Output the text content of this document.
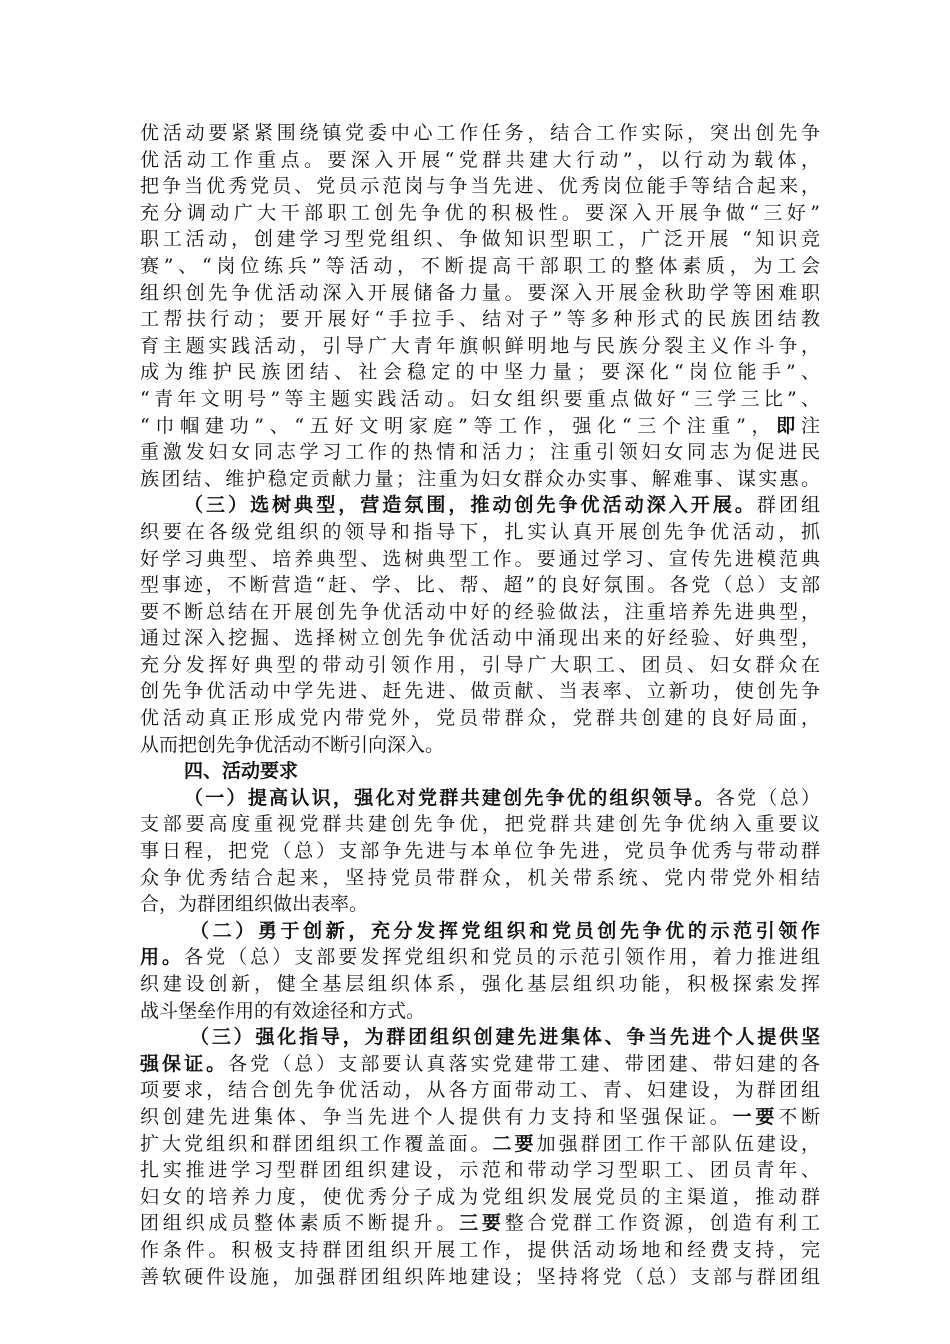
优活动要紧紧围绕镇党委中心工作任务，结合工作实际，突出创先争
优活动工作重点。要深入开展“党群共建大行动”，以行动为载体，
把争当优秀党员、党员示范岗与争当先进、优秀岗位能手等结合起来，
充分调动广大干部职工创先争优的积极性。要深入开展争做“三好”
职工活动，创建学习型党组织、争做知识型职工，广泛开展 “知识竞
赛”、“岗位练兵”等活动，不断提高干部职工的整体素质，为工会
组织创先争优活动深入开展储备力量。要深入开展金秋助学等困难职
工帮扶行动；要开展好“手拉手、结对子”等多种形式的民族团结教
育主题实践活动，引导广大青年旗帜鲜明地与民族分裂主义作斗争，
成为维护民族团结、社会稳定的中坚力量；要深化“岗位能手”、
“青年文明号”等主题实践活动。妇女组织要重点做好“三学三比”、
“巾帼建功”、“五好文明家庭”等工作，强化“三个注重”，即注
重激发妇女同志学习工作的热情和活力；注重引领妇女同志为促进民
族团结、维护稳定贡献力量；注重为妇女群众办实事、解难事、谋实惠。
（三）选树典型，营造氛围，推动创先争优活动深入开展。群团组
织要在各级党组织的领导和指导下，扎实认真开展创先争优活动，抓
好学习典型、培养典型、选树典型工作。要通过学习、宣传先进模范典
型事迹，不断营造“赶、学、比、帮、超”的良好氛围。各党（总）支部
要不断总结在开展创先争优活动中好的经验做法，注重培养先进典型，
通过深入挖掘、选择树立创先争优活动中涌现出来的好经验、好典型，
充分发挥好典型的带动引领作用，引导广大职工、团员、妇女群众在
创先争优活动中学先进、赶先进、做贡献、当表率、立新功，使创先争
优活动真正形成党内带党外，党员带群众，党群共创建的良好局面，
从而把创先争优活动不断引向深入。
四、活动要求
（一）提高认识，强化对党群共建创先争优的组织领导。各党（总）
支部要高度重视党群共建创先争优，把党群共建创先争优纳入重要议
事日程，把党（总）支部争先进与本单位争先进，党员争优秀与带动群
众争优秀结合起来，坚持党员带群众，机关带系统、党内带党外相结
合，为群团组织做出表率。
（二）勇于创新，充分发挥党组织和党员创先争优的示范引领作
用。各党（总）支部要发挥党组织和党员的示范引领作用，着力推进组
织建设创新，健全基层组织体系，强化基层组织功能，积极探索发挥
战斗堡垒作用的有效途径和方式。
（三）强化指导，为群团组织创建先进集体、争当先进个人提供坚
强保证。各党（总）支部要认真落实党建带工建、带团建、带妇建的各
项要求，结合创先争优活动，从各方面带动工、青、妇建设，为群团组
织创建先进集体、争当先进个人提供有力支持和坚强保证。一要不断
扩大党组织和群团组织工作覆盖面。二要加强群团工作干部队伍建设，
扎实推进学习型群团组织建设，示范和带动学习型职工、团员青年、
妇女的培养力度，使优秀分子成为党组织发展党员的主渠道，推动群
团组织成员整体素质不断提升。三要整合党群工作资源，创造有利工
作条件。积极支持群团组织开展工作，提供活动场地和经费支持，完
善软硬件设施，加强群团组织阵地建设；坚持将党（总）支部与群团组
